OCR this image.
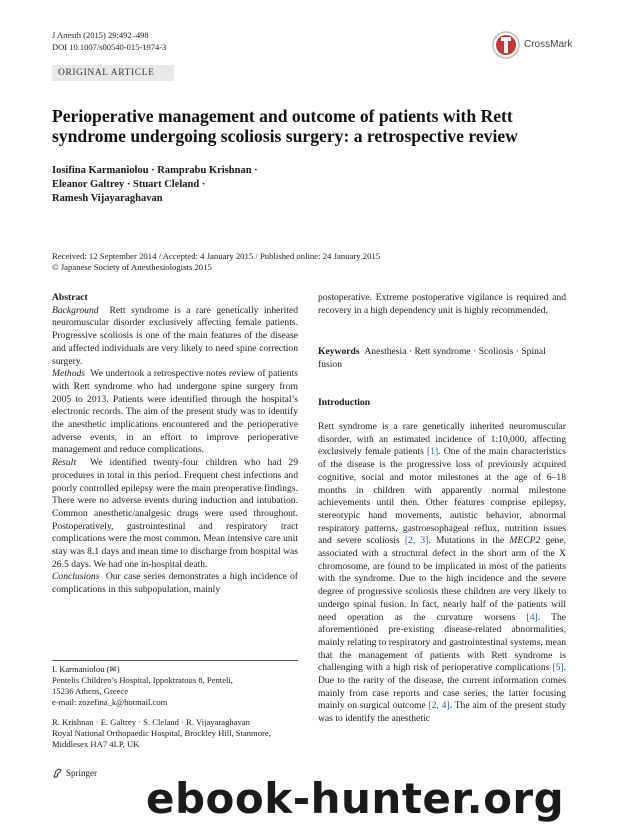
J Anesth (2015) 29:492–498
DOI 10.1007/s00540-015-1974-3	CrossMark
ORIGINAL ARTICLE
Perioperative management and outcome of patients with Rett syndrome undergoing scoliosis surgery: a retrospective review
Iosifina Karmaniolou · Ramprabu Krishnan ·
Eleanor Galtrey · Stuart Cleland ·
Ramesh Vijayaraghavan
Received: 12 September 2014 / Accepted: 4 January 2015 / Published online: 24 January 2015
© Japanese Society of Anesthesiologists 2015

Abstract

Background Rett syndrome is a rare genetically inherited neuromuscular disorder exclusively affecting female patients. Progressive scoliosis is one of the main features of the disease and affected individuals are very likely to need spine correction surgery.

Methods We undertook a retrospective notes review of patients with Rett syndrome who had undergone spine surgery from 2005 to 2013. Patients were identified through the hospital’s electronic records. The aim of the present study was to identify the anesthetic implications encountered and the perioperative adverse events, in an effort to improve perioperative management and reduce complications.

Result We identified twenty-four children who had 29 procedures in total in this period. Frequent chest infections and poorly controlled epilepsy were the main preoperative findings. There were no adverse events during induction and intubation. Common anesthetic/analgesic drugs were used throughout. Postoperatively, gastrointestinal and respiratory tract complications were the most common. Mean intensive care unit stay was 8.1 days and mean time to discharge from hospital was 26.5 days. We had one in-hospital death.

Conclusions Our case series demonstrates a high incidence of complications in this subpopulation, mainly

I. Karmaniolou (✉)
Pentelis Children’s Hospital, Ippoktratous 8, Penteli,
15236 Athens, Greece
e-mail: zozefina_k@hotmail.com
R. Krishnan · E. Galtrey · S. Cleland · R. Vijayaraghavan
Royal National Orthopaedic Hospital, Brockley Hill, Stanmore,
Middlesex HA7 4LP, UK

postoperative. Extreme postoperative vigilance is required and recovery in a high dependency unit is highly recommended.

Keywords Anesthesia · Rett syndrome · Scoliosis · Spinal fusion
Introduction

Rett syndrome is a rare genetically inherited neuromuscular disorder, with an estimated incidence of 1:10,000, affecting exclusively female patients [1]. One of the main characteristics of the disease is the progressive loss of previously acquired cognitive, social and motor milestones at the age of 6–18 months in children with apparently normal milestone achievements until then. Other features comprise epilepsy, stereotypic hand movements, autistic behavior, abnormal respiratory patterns, gastroesophageal reflux, nutrition issues and severe scoliosis [2, 3]. Mutations in the MECP2 gene, associated with a structural defect in the short arm of the X chromosome, are found to be implicated in most of the patients with the syndrome. Due to the high incidence and the severe degree of progressive scoliosis these children are very likely to undergo spinal fusion. In fact, nearly half of the patients will need operation as the curvature worsens [4]. The aforementioned pre-existing disease-related abnormalities, mainly relating to respiratory and gastrointestinal systems, mean that the management of patients with Rett syndrome is challenging with a high risk of perioperative complications [5]. Due to the rarity of the disease, the current information comes mainly from case reports and case series, the latter focusing mainly on surgical outcome [2, 4]. The aim of the present study was to identify the anesthetic

Springer
ebook-hunter.org
